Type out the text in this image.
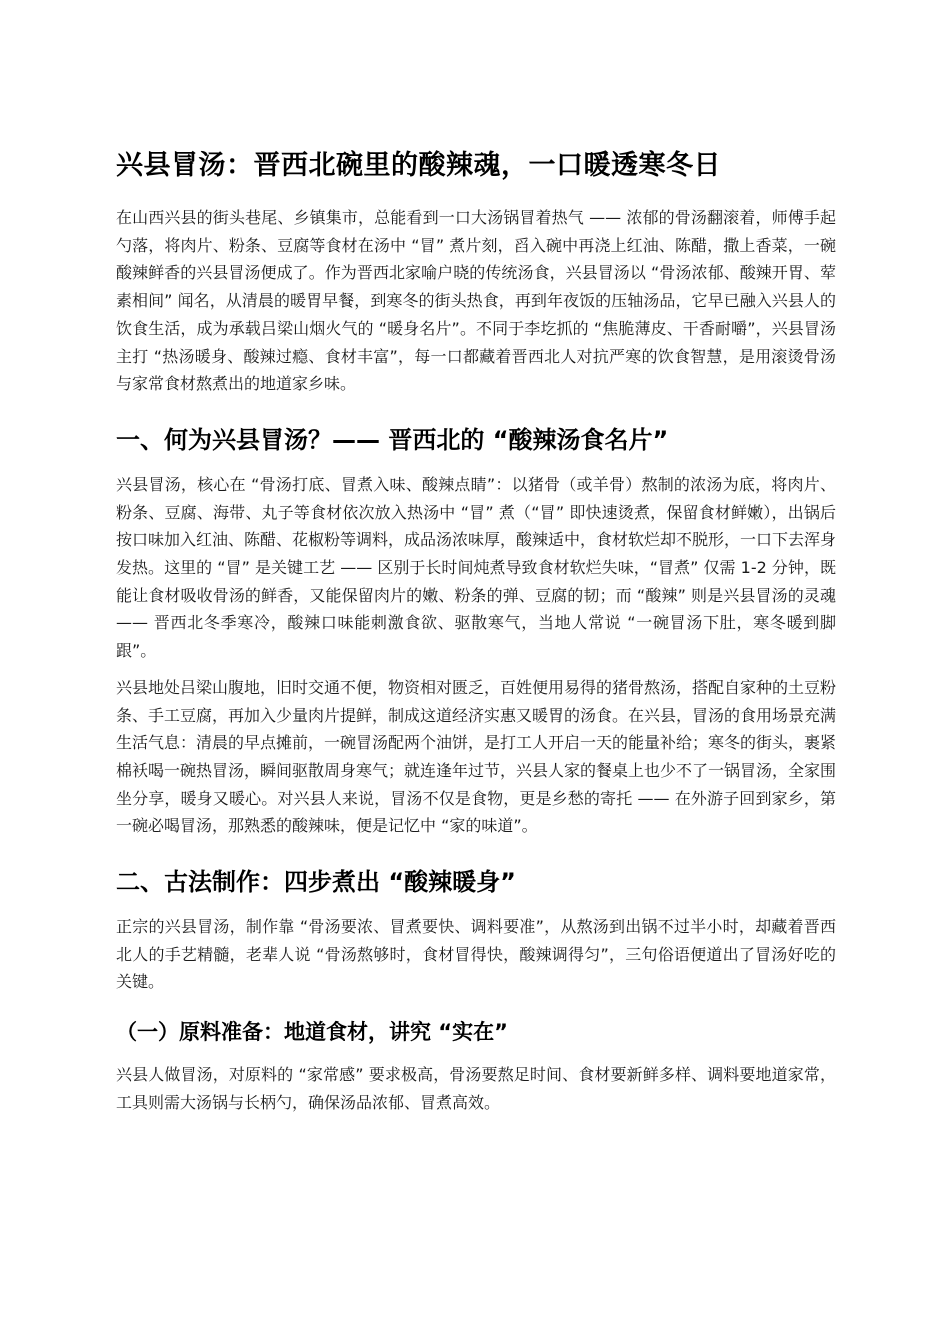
兴县冒汤：晋西北碗里的酸辣魂，一口暖透寒冬日

在山西兴县的街头巷尾、乡镇集市，总能看到一口大汤锅冒着热气 —— 浓郁的骨汤翻滚着，师傅手起勺落，将肉片、粉条、豆腐等食材在汤中 “冒” 煮片刻，舀入碗中再浇上红油、陈醋，撒上香菜，一碗酸辣鲜香的兴县冒汤便成了。作为晋西北家喻户晓的传统汤食，兴县冒汤以 “骨汤浓郁、酸辣开胃、荤素相间” 闻名，从清晨的暖胃早餐，到寒冬的街头热食，再到年夜饭的压轴汤品，它早已融入兴县人的饮食生活，成为承载吕梁山烟火气的 “暖身名片”。不同于李圪抓的 “焦脆薄皮、干香耐嚼”，兴县冒汤主打 “热汤暖身、酸辣过瘾、食材丰富”，每一口都藏着晋西北人对抗严寒的饮食智慧，是用滚烫骨汤与家常食材熬煮出的地道家乡味。

一、何为兴县冒汤？—— 晋西北的 “酸辣汤食名片”

兴县冒汤，核心在 “骨汤打底、冒煮入味、酸辣点睛”：以猪骨（或羊骨）熬制的浓汤为底，将肉片、粉条、豆腐、海带、丸子等食材依次放入热汤中 “冒” 煮（“冒” 即快速烫煮，保留食材鲜嫩），出锅后按口味加入红油、陈醋、花椒粉等调料，成品汤浓味厚，酸辣适中，食材软烂却不脱形，一口下去浑身发热。这里的 “冒” 是关键工艺 —— 区别于长时间炖煮导致食材软烂失味，“冒煮” 仅需 1-2 分钟，既能让食材吸收骨汤的鲜香，又能保留肉片的嫩、粉条的弹、豆腐的韧；而 “酸辣” 则是兴县冒汤的灵魂 —— 晋西北冬季寒冷，酸辣口味能刺激食欲、驱散寒气，当地人常说 “一碗冒汤下肚，寒冬暖到脚跟”。

兴县地处吕梁山腹地，旧时交通不便，物资相对匮乏，百姓便用易得的猪骨熬汤，搭配自家种的土豆粉条、手工豆腐，再加入少量肉片提鲜，制成这道经济实惠又暖胃的汤食。在兴县，冒汤的食用场景充满生活气息：清晨的早点摊前，一碗冒汤配两个油饼，是打工人开启一天的能量补给；寒冬的街头，裹紧棉袄喝一碗热冒汤，瞬间驱散周身寒气；就连逢年过节，兴县人家的餐桌上也少不了一锅冒汤，全家围坐分享，暖身又暖心。对兴县人来说，冒汤不仅是食物，更是乡愁的寄托 —— 在外游子回到家乡，第一碗必喝冒汤，那熟悉的酸辣味，便是记忆中 “家的味道”。

二、古法制作：四步煮出 “酸辣暖身”

正宗的兴县冒汤，制作靠 “骨汤要浓、冒煮要快、调料要准”，从熬汤到出锅不过半小时，却藏着晋西北人的手艺精髓，老辈人说 “骨汤熬够时，食材冒得快，酸辣调得匀”，三句俗语便道出了冒汤好吃的关键。

（一）原料准备：地道食材，讲究 “实在”

兴县人做冒汤，对原料的 “家常感” 要求极高，骨汤要熬足时间、食材要新鲜多样、调料要地道家常，工具则需大汤锅与长柄勺，确保汤品浓郁、冒煮高效。
